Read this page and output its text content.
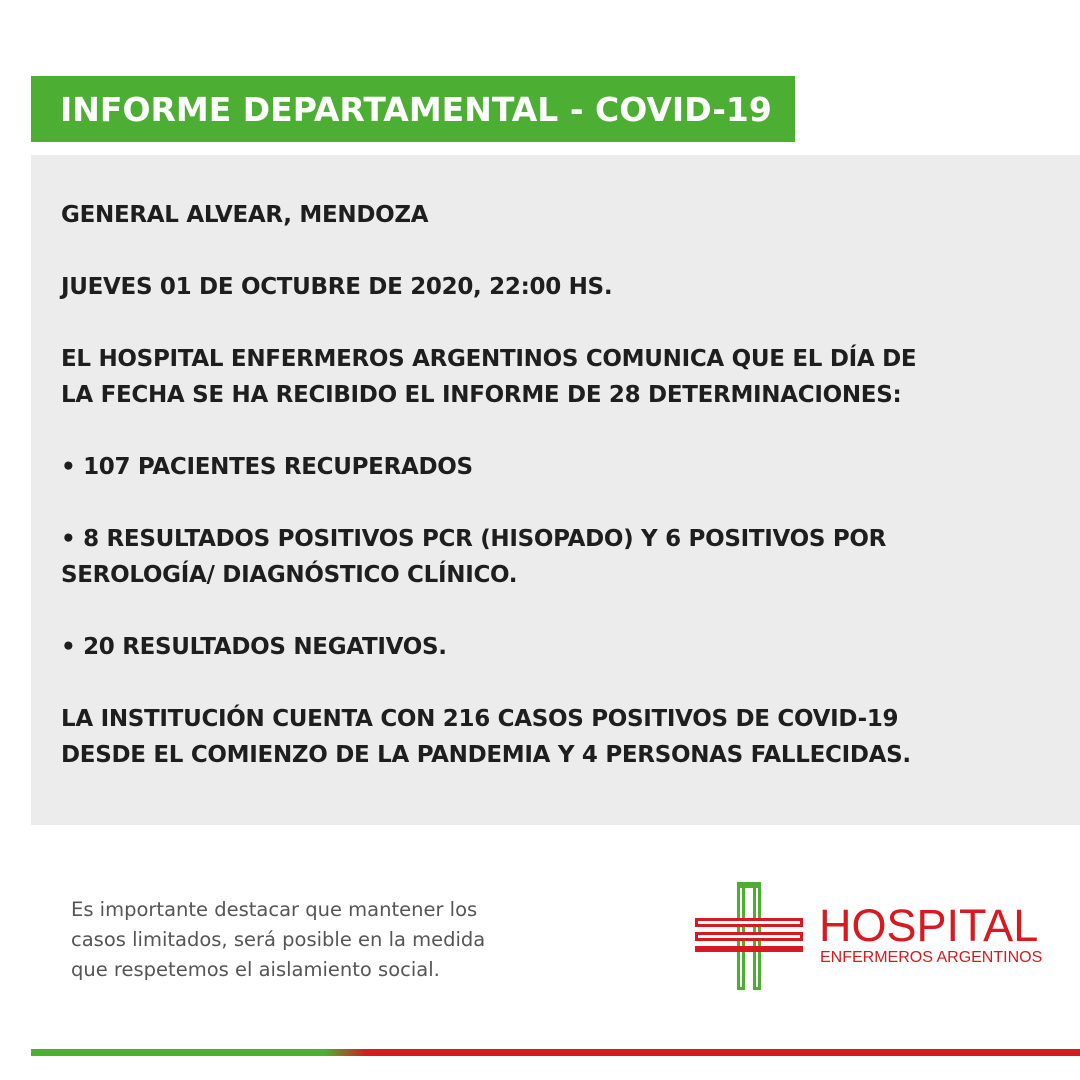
INFORME DEPARTAMENTAL - COVID-19

GENERAL ALVEAR, MENDOZA

JUEVES 01 DE OCTUBRE DE 2020, 22:00 HS.

EL HOSPITAL ENFERMEROS ARGENTINOS COMUNICA QUE EL DÍA DE
LA FECHA SE HA RECIBIDO EL INFORME DE 28 DETERMINACIONES:

• 107 PACIENTES RECUPERADOS

• 8 RESULTADOS POSITIVOS PCR (HISOPADO) Y 6 POSITIVOS POR
SEROLOGÍA/ DIAGNÓSTICO CLÍNICO.

• 20 RESULTADOS NEGATIVOS.

LA INSTITUCIÓN CUENTA CON 216 CASOS POSITIVOS DE COVID-19
DESDE EL COMIENZO DE LA PANDEMIA Y 4 PERSONAS FALLECIDAS.

Es importante destacar que mantener los
casos limitados, será posible en la medida
que respetemos el aislamiento social.
HOSPITAL
ENFERMEROS ARGENTINOS
